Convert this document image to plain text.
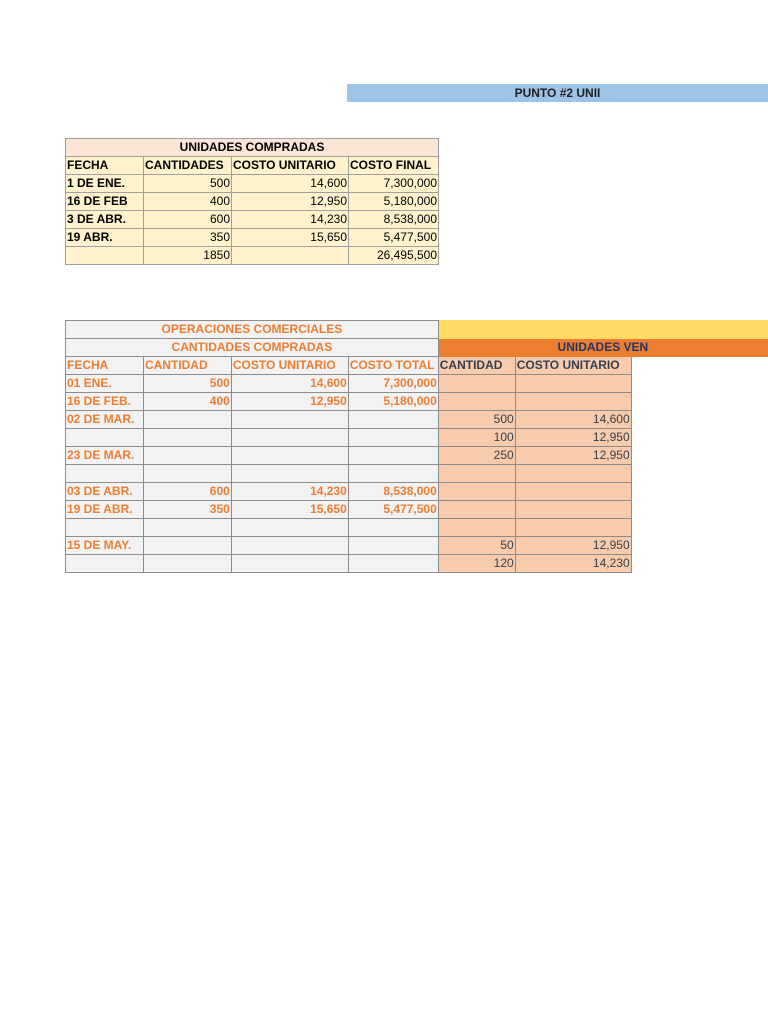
PUNTO #2 UNII
UNIDADES COMPRADAS			
FECHA	CANTIDADES	COSTO UNITARIO	COSTO FINAL
1 DE ENE.	500	14,600	7,300,000
16 DE FEB	400	12,950	5,180,000
3 DE ABR.	600	14,230	8,538,000
19 ABR.	350	15,650	5,477,500
	1850		26,495,500
OPERACIONES COMERCIALES						
CANTIDADES COMPRADAS				UNIDADES VEN		
FECHA	CANTIDAD	COSTO UNITARIO	COSTO TOTAL	CANTIDAD	COSTO UNITARIO	
01 ENE.	500	14,600	7,300,000			
16 DE FEB.	400	12,950	5,180,000			
02 DE MAR.				500	14,600	
				100	12,950	
23 DE MAR.				250	12,950	

03 DE ABR.	600	14,230	8,538,000			
19 DE ABR.	350	15,650	5,477,500			

15 DE MAY.				50	12,950	
				120	14,230	
